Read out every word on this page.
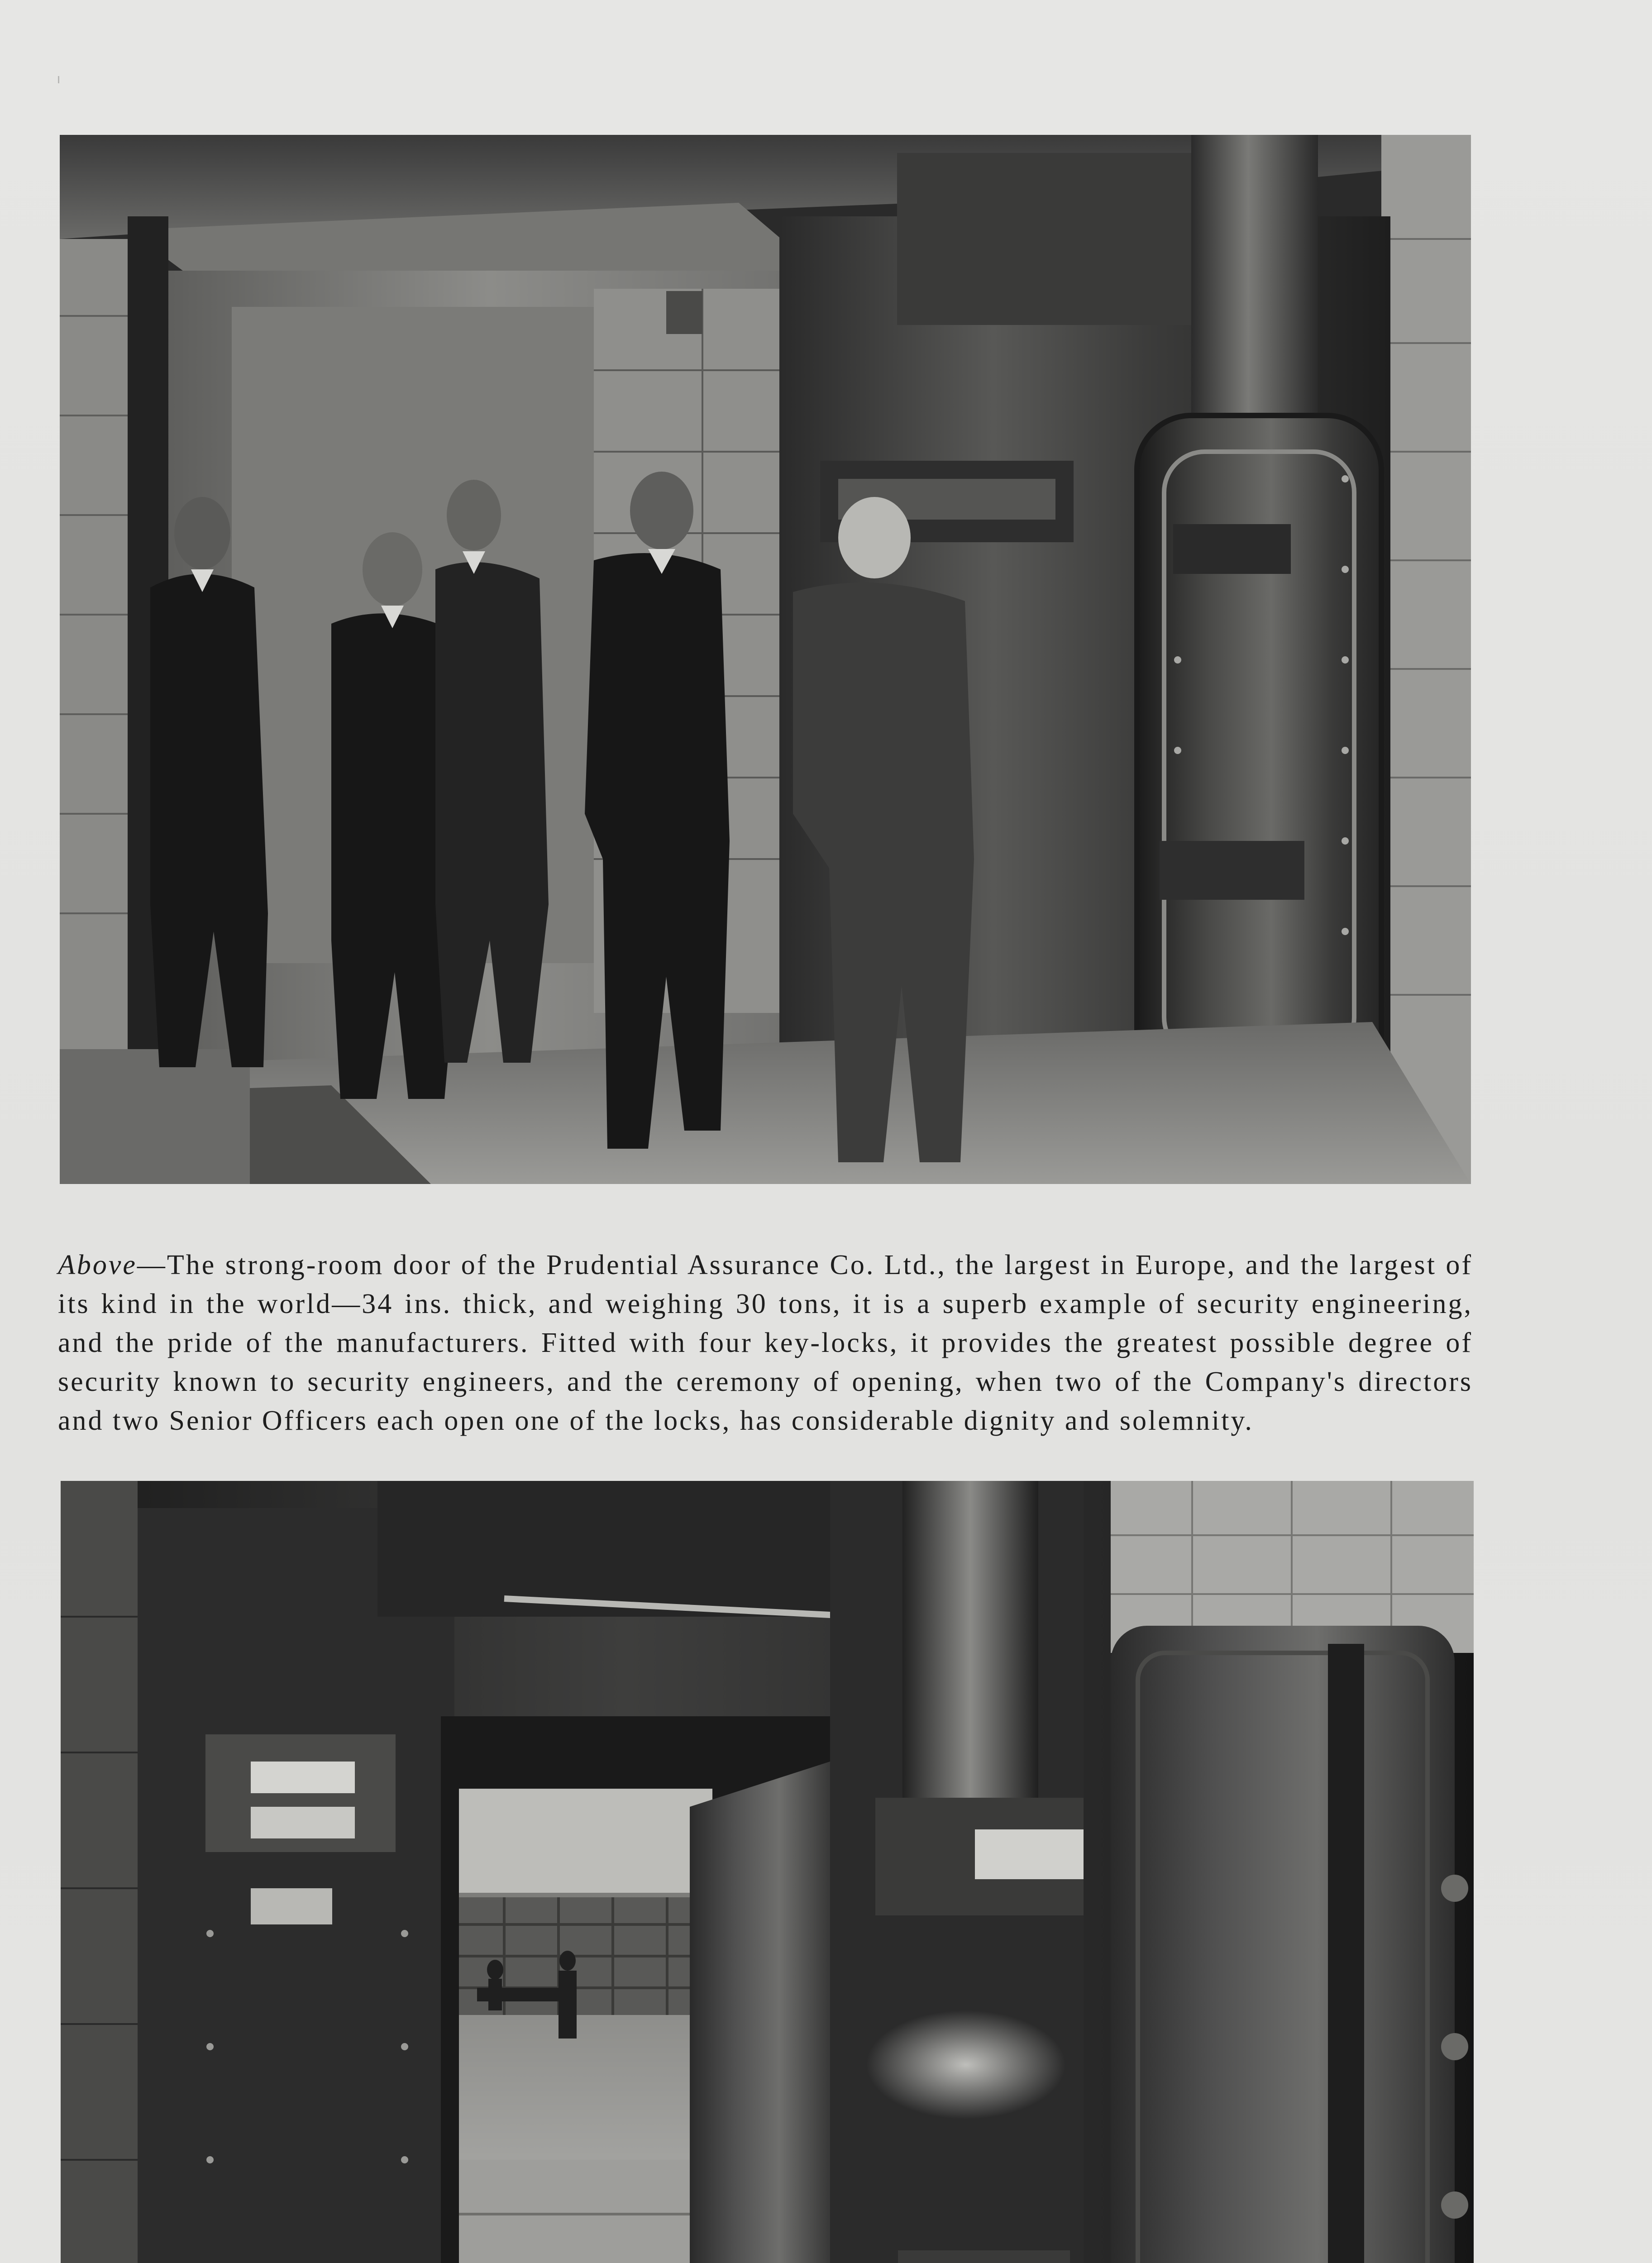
Above—The strong-room door of the Prudential Assurance Co. Ltd., the largest in Europe, and the largest of its kind in the world—34 ins. thick, and weighing 30 tons, it is a superb example of security engineering, and the pride of the manufacturers. Fitted with four key-locks, it provides the greatest possible degree of security known to security engineers, and the ceremony of opening, when two of the Company's directors and two Senior Officers each open one of the locks, has considerable dignity and solemnity.
